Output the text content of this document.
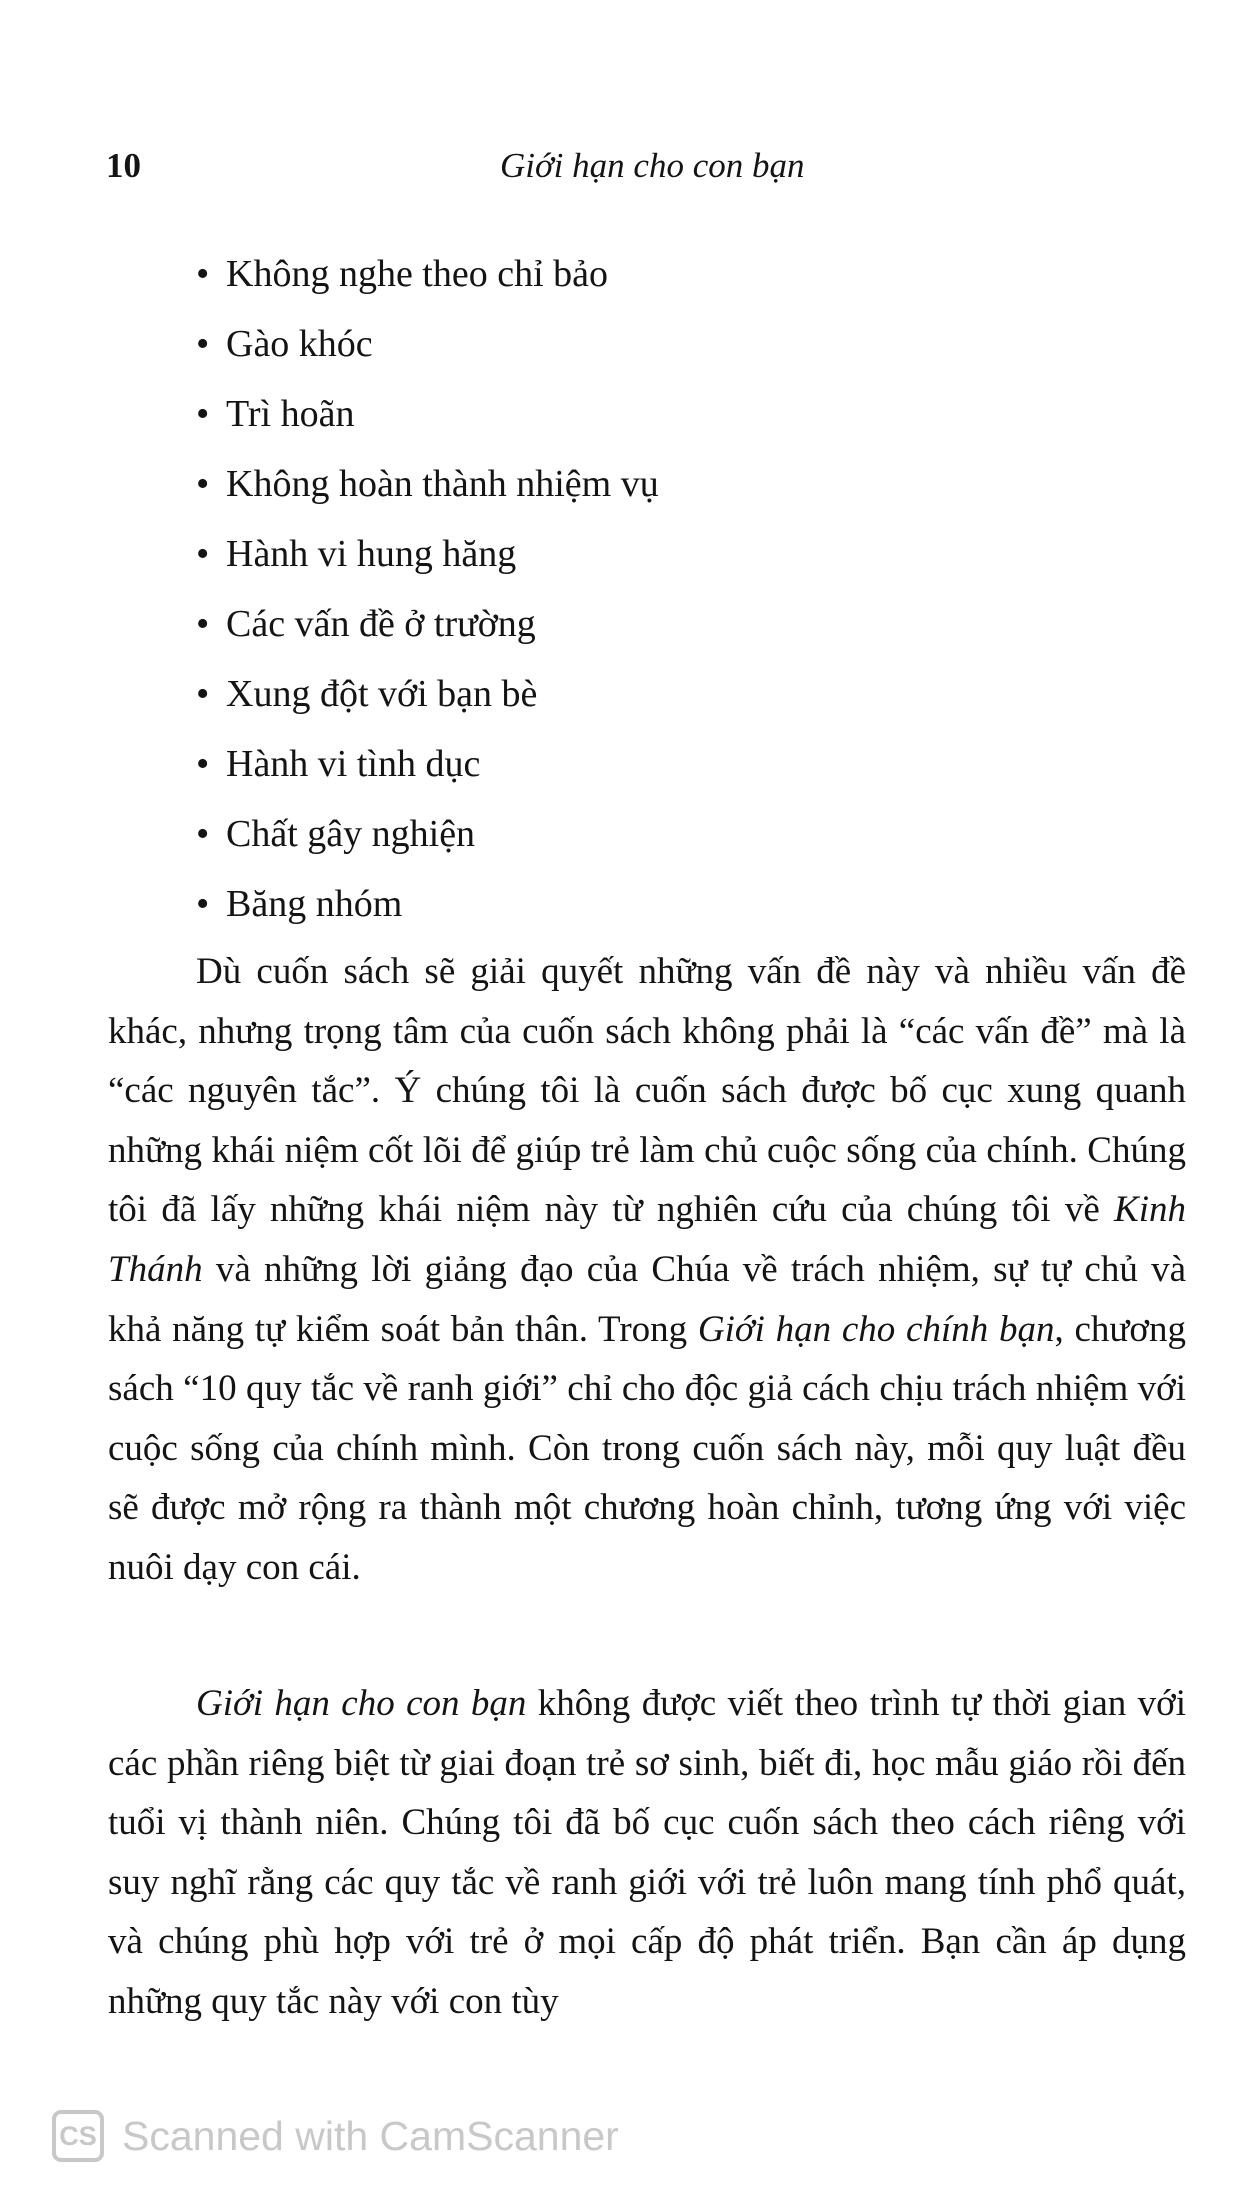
10	Giới hạn cho con bạn
• Không nghe theo chỉ bảo
• Gào khóc
• Trì hoãn
• Không hoàn thành nhiệm vụ
• Hành vi hung hăng
• Các vấn đề ở trường
• Xung đột với bạn bè
• Hành vi tình dục
• Chất gây nghiện
• Băng nhóm

Dù cuốn sách sẽ giải quyết những vấn đề này và nhiều vấn đề khác, nhưng trọng tâm của cuốn sách không phải là “các vấn đề” mà là “các nguyên tắc”. Ý chúng tôi là cuốn sách được bố cục xung quanh những khái niệm cốt lõi để giúp trẻ làm chủ cuộc sống của chính. Chúng tôi đã lấy những khái niệm này từ nghiên cứu của chúng tôi về Kinh Thánh và những lời giảng đạo của Chúa về trách nhiệm, sự tự chủ và khả năng tự kiểm soát bản thân. Trong Giới hạn cho chính bạn, chương sách “10 quy tắc về ranh giới” chỉ cho độc giả cách chịu trách nhiệm với cuộc sống của chính mình. Còn trong cuốn sách này, mỗi quy luật đều sẽ được mở rộng ra thành một chương hoàn chỉnh, tương ứng với việc nuôi dạy con cái.

Giới hạn cho con bạn không được viết theo trình tự thời gian với các phần riêng biệt từ giai đoạn trẻ sơ sinh, biết đi, học mẫu giáo rồi đến tuổi vị thành niên. Chúng tôi đã bố cục cuốn sách theo cách riêng với suy nghĩ rằng các quy tắc về ranh giới với trẻ luôn mang tính phổ quát, và chúng phù hợp với trẻ ở mọi cấp độ phát triển. Bạn cần áp dụng những quy tắc này với con tùy

CS Scanned with CamScanner
